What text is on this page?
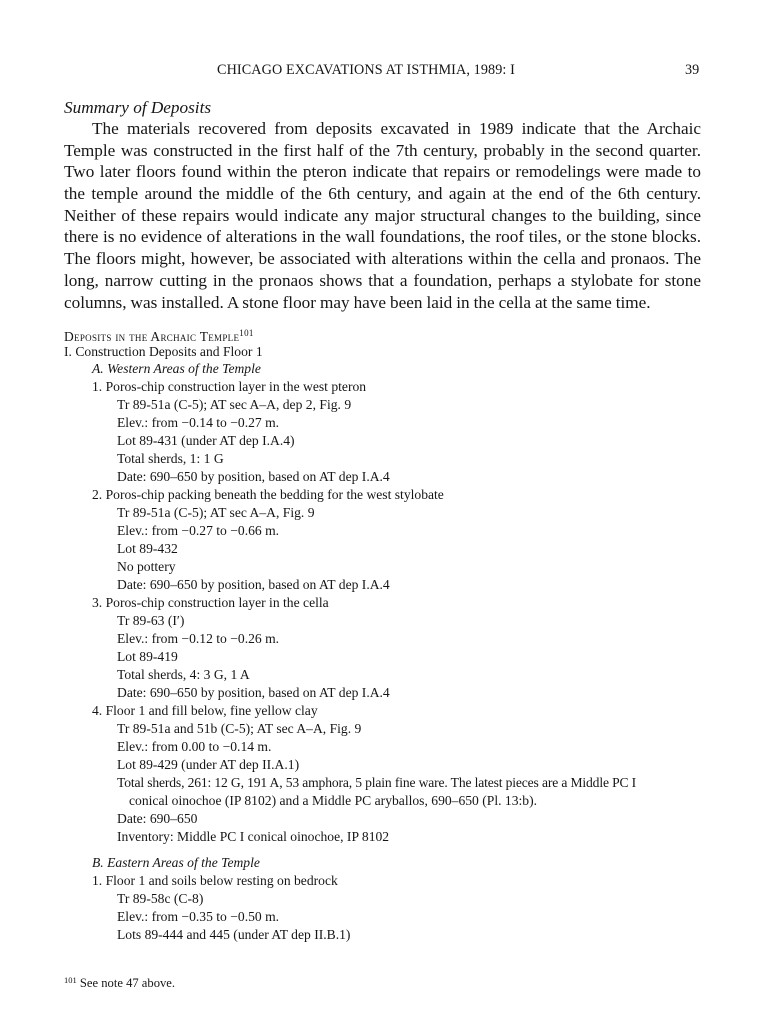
CHICAGO EXCAVATIONS AT ISTHMIA, 1989: I	39
Summary of Deposits
The materials recovered from deposits excavated in 1989 indicate that the Archaic
Temple was constructed in the first half of the 7th century, probably in the second quarter.
Two later floors found within the pteron indicate that repairs or remodelings were made to
the temple around the middle of the 6th century, and again at the end of the 6th century.
Neither of these repairs would indicate any major structural changes to the building, since
there is no evidence of alterations in the wall foundations, the roof tiles, or the stone blocks.
The floors might, however, be associated with alterations within the cella and pronaos. The
long, narrow cutting in the pronaos shows that a foundation, perhaps a stylobate for stone
columns, was installed. A stone floor may have been laid in the cella at the same time.
Deposits in the Archaic Temple$^{101}$
I. Construction Deposits and Floor 1
A. Western Areas of the Temple
1. Poros-chip construction layer in the west pteron
Tr 89-51a (C-5); AT sec A–A, dep 2, Fig. 9
Elev.: from −0.14 to −0.27 m.
Lot 89-431 (under AT dep I.A.4)
Total sherds, 1: 1 G
Date: 690–650 by position, based on AT dep I.A.4
2. Poros-chip packing beneath the bedding for the west stylobate
Tr 89-51a (C-5); AT sec A–A, Fig. 9
Elev.: from −0.27 to −0.66 m.
Lot 89-432
No pottery
Date: 690–650 by position, based on AT dep I.A.4
3. Poros-chip construction layer in the cella
Tr 89-63 (I′)
Elev.: from −0.12 to −0.26 m.
Lot 89-419
Total sherds, 4: 3 G, 1 A
Date: 690–650 by position, based on AT dep I.A.4
4. Floor 1 and fill below, fine yellow clay
Tr 89-51a and 51b (C-5); AT sec A–A, Fig. 9
Elev.: from 0.00 to −0.14 m.
Lot 89-429 (under AT dep II.A.1)
Total sherds, 261: 12 G, 191 A, 53 amphora, 5 plain fine ware. The latest pieces are a Middle PC I
conical oinochoe (IP 8102) and a Middle PC aryballos, 690–650 (Pl. 13:b).
Date: 690–650
Inventory: Middle PC I conical oinochoe, IP 8102
B. Eastern Areas of the Temple
1. Floor 1 and soils below resting on bedrock
Tr 89-58c (C-8)
Elev.: from −0.35 to −0.50 m.
Lots 89-444 and 445 (under AT dep II.B.1)
$^{101}$ See note 47 above.
